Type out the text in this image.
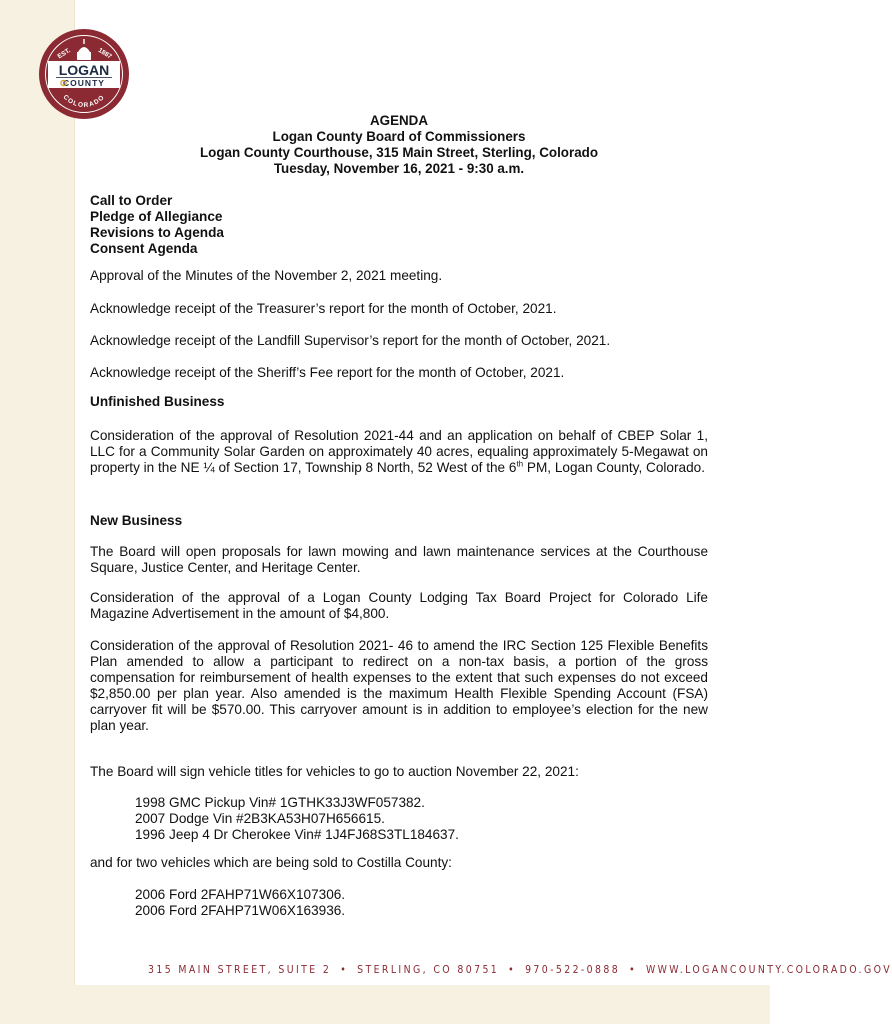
EST.	1887
LOGAN
COUNTY
COLORADO
AGENDA
Logan County Board of Commissioners
Logan County Courthouse, 315 Main Street, Sterling, Colorado
Tuesday, November 16, 2021 - 9:30 a.m.
Call to Order
Pledge of Allegiance
Revisions to Agenda
Consent Agenda

Approval of the Minutes of the November 2, 2021 meeting.

Acknowledge receipt of the Treasurer’s report for the month of October, 2021.

Acknowledge receipt of the Landfill Supervisor’s report for the month of October, 2021.

Acknowledge receipt of the Sheriff’s Fee report for the month of October, 2021.

Unfinished Business

Consideration of the approval of Resolution 2021-44 and an application on behalf of CBEP Solar 1, LLC for a Community Solar Garden on approximately 40 acres, equaling approximately 5-Megawat on property in the NE ¼ of Section 17, Township 8 North, 52 West of the 6th PM, Logan County, Colorado.

New Business

The Board will open proposals for lawn mowing and lawn maintenance services at the Courthouse Square, Justice Center, and Heritage Center.

Consideration of the approval of a Logan County Lodging Tax Board Project for Colorado Life Magazine Advertisement in the amount of $4,800.

Consideration of the approval of Resolution 2021- 46 to amend the IRC Section 125 Flexible Benefits Plan amended to allow a participant to redirect on a non-tax basis, a portion of the gross compensation for reimbursement of health expenses to the extent that such expenses do not exceed $2,850.00 per plan year. Also amended is the maximum Health Flexible Spending Account (FSA) carryover fit will be $570.00. This carryover amount is in addition to employee’s election for the new plan year.

The Board will sign vehicle titles for vehicles to go to auction November 22, 2021:

1998 GMC Pickup Vin# 1GTHK33J3WF057382.
2007 Dodge Vin #2B3KA53H07H656615.
1996 Jeep 4 Dr Cherokee Vin# 1J4FJ68S3TL184637.

and for two vehicles which are being sold to Costilla County:

2006 Ford 2FAHP71W66X107306.
2006 Ford 2FAHP71W06X163936.
315 MAIN STREET, SUITE 2 • STERLING, CO 80751 • 970-522-0888 • WWW.LOGANCOUNTY.COLORADO.GOV
